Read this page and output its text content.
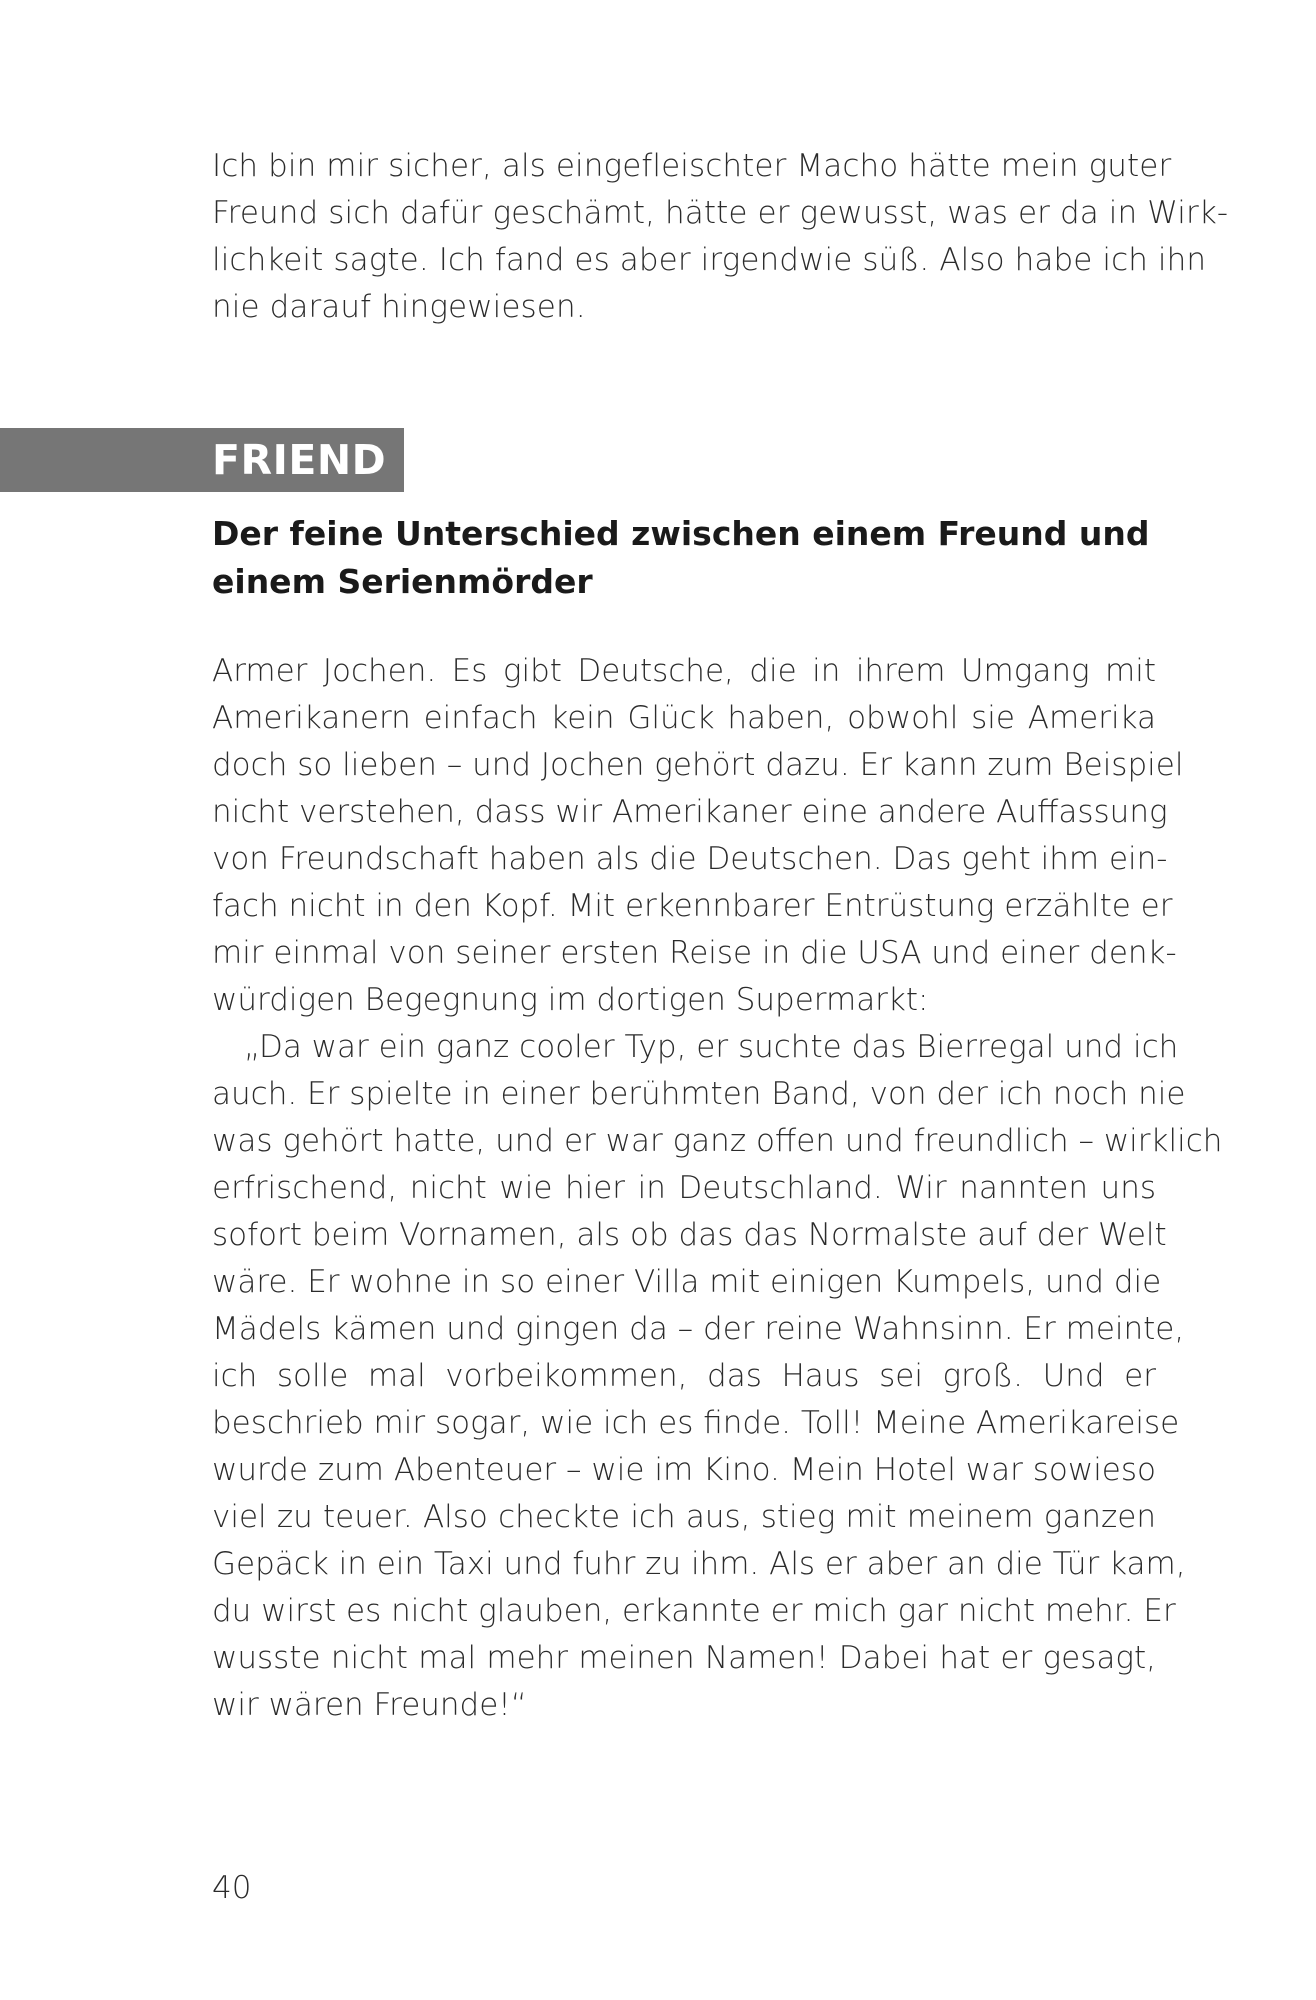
Ich bin mir sicher, als eingefleischter Macho hätte mein guter
Freund sich dafür geschämt, hätte er gewusst, was er da in Wirk-
lichkeit sagte. Ich fand es aber irgendwie süß. Also habe ich ihn
nie darauf hingewiesen.

FRIEND
Der feine Unterschied zwischen einem Freund und
einem Serienmörder

Armer Jochen. Es gibt Deutsche, die in ihrem Umgang mit
Amerikanern einfach kein Glück haben, obwohl sie Amerika
doch so lieben – und Jochen gehört dazu. Er kann zum Beispiel
nicht verstehen, dass wir Amerikaner eine andere Auffassung
von Freundschaft haben als die Deutschen. Das geht ihm ein-
fach nicht in den Kopf. Mit erkennbarer Entrüstung erzählte er
mir einmal von seiner ersten Reise in die USA und einer denk-
würdigen Begegnung im dortigen Supermarkt:

„Da war ein ganz cooler Typ, er suchte das Bierregal und ich
auch. Er spielte in einer berühmten Band, von der ich noch nie
was gehört hatte, und er war ganz offen und freundlich – wirklich
erfrischend, nicht wie hier in Deutschland. Wir nannten uns
sofort beim Vornamen, als ob das das Normalste auf der Welt
wäre. Er wohne in so einer Villa mit einigen Kumpels, und die
Mädels kämen und gingen da – der reine Wahnsinn. Er meinte,
ich solle mal vorbeikommen, das Haus sei groß. Und er
beschrieb mir sogar, wie ich es finde. Toll! Meine Amerikareise
wurde zum Abenteuer – wie im Kino. Mein Hotel war sowieso
viel zu teuer. Also checkte ich aus, stieg mit meinem ganzen
Gepäck in ein Taxi und fuhr zu ihm. Als er aber an die Tür kam,
du wirst es nicht glauben, erkannte er mich gar nicht mehr. Er
wusste nicht mal mehr meinen Namen! Dabei hat er gesagt,
wir wären Freunde!“

40
